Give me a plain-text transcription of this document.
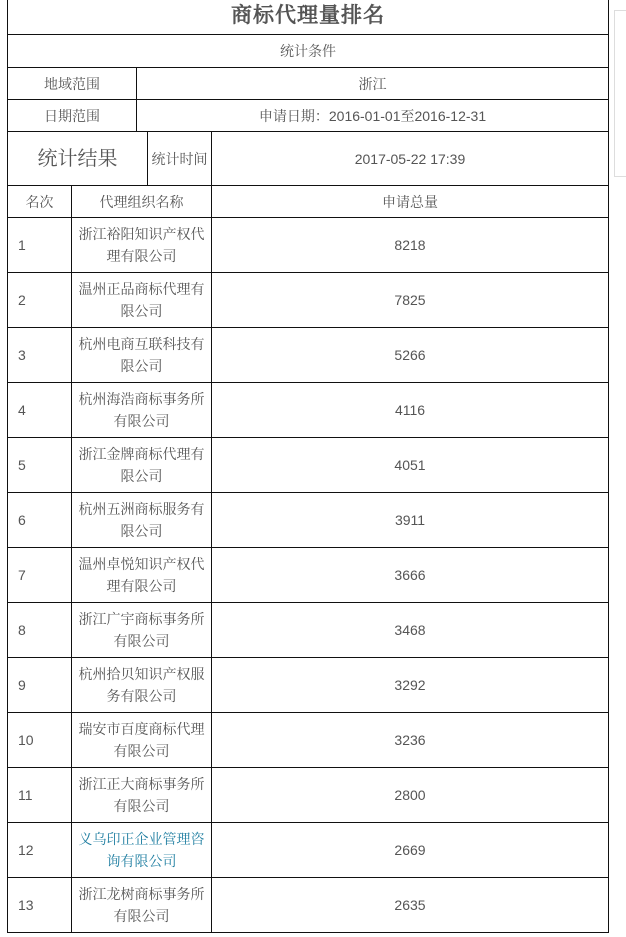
商标代理量排名				
统计条件				
地域范围		浙江		
日期范围		申请日期：2016-01-01至2016-12-31		
统计结果			统计时间	2017-05-22 17:39
名次	代理组织名称			申请总量
1	浙江裕阳知识产权代理有限公司			8218
2	温州正品商标代理有限公司			7825
3	杭州电商互联科技有限公司			5266
4	杭州海浩商标事务所有限公司			4116
5	浙江金牌商标代理有限公司			4051
6	杭州五洲商标服务有限公司			3911
7	温州卓悦知识产权代理有限公司			3666
8	浙江广宇商标事务所有限公司			3468
9	杭州拾贝知识产权服务有限公司			3292
10	瑞安市百度商标代理有限公司			3236
11	浙江正大商标事务所有限公司			2800
12	义乌印正企业管理咨询有限公司			2669
13	浙江龙树商标事务所有限公司			2635
